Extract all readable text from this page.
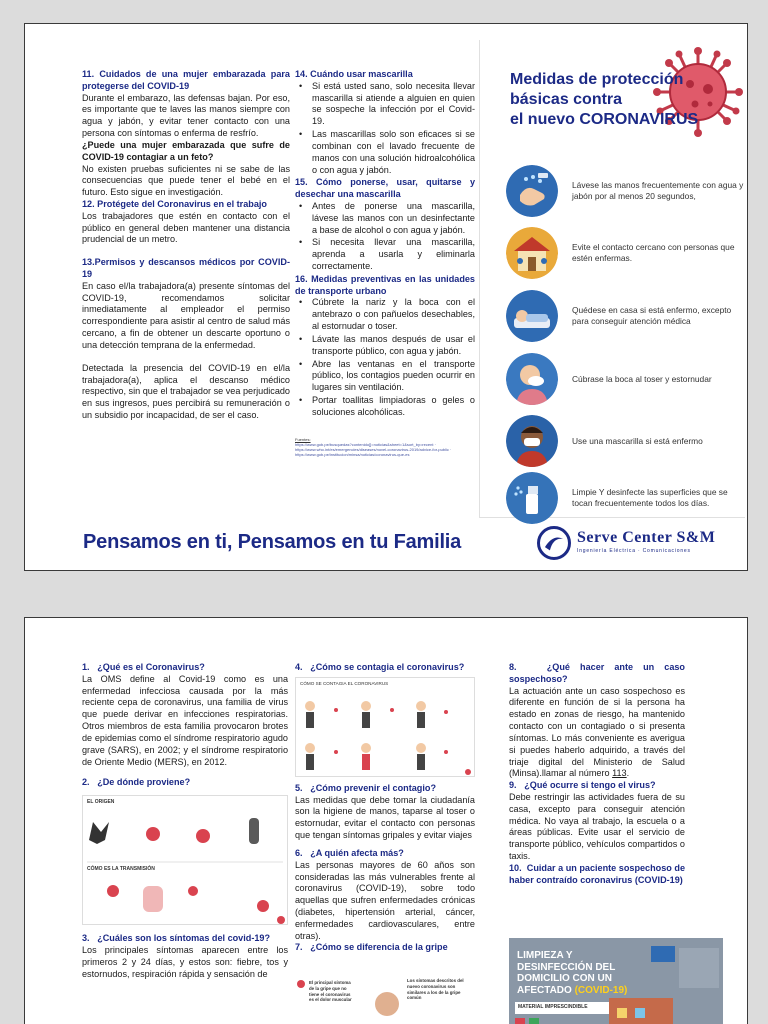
11. Cuidados de una mujer embarazada para protegerse del COVID-19

Durante el embarazo, las defensas bajan. Por eso, es importante que te laves las manos siempre con agua y jabón, y evitar tener contacto con una persona con síntomas o enferma de resfrío.

¿Puede una mujer embarazada que sufre de COVID-19 contagiar a un feto?

No existen pruebas suficientes ni se sabe de las consecuencias que puede tener el bebé en el futuro. Esto sigue en investigación.

12. Protégete del Coronavirus en el trabajo

Los trabajadores que estén en contacto con el público en general deben mantener una distancia prudencial de un metro.

13.Permisos y descansos médicos por COVID-19

En caso el/la trabajadora(a) presente síntomas del COVID-19, recomendamos solicitar inmediatamente al empleador el permiso correspondiente para asistir al centro de salud más cercano, a fin de obtener un descarte oportuno o una detección temprana de la enfermedad.

Detectada la presencia del COVID-19 en el/la trabajadora(a), aplica el descanso médico respectivo, sin que el trabajador se vea perjudicado en sus ingresos, pues percibirá su remuneración o un subsidio por incapacidad, de ser el caso.

14. Cuándo usar mascarilla

• Si está usted sano, solo necesita llevar mascarilla si atiende a alguien en quien se sospeche la infección por el Covid-19.
• Las mascarillas solo son eficaces si se combinan con el lavado frecuente de manos con una solución hidroalcohólica o con agua y jabón.

15. Cómo ponerse, usar, quitarse y desechar una mascarilla

• Antes de ponerse una mascarilla, lávese las manos con un desinfectante a base de alcohol o con agua y jabón.
• Si necesita llevar una mascarilla, aprenda a usarla y eliminarla correctamente.

16. Medidas preventivas en las unidades de transporte urbano

• Cúbrete la nariz y la boca con el antebrazo o con pañuelos desechables, al estornudar o toser.
• Lávate las manos después de usar el transporte público, con agua y jabón.
• Abre las ventanas en el transporte público, los contagios pueden ocurrir en lugares sin ventilación.
• Portar toallitas limpiadoras o geles o soluciones alcohólicas.
Fuentes:
https://www.gob.pe/busquedas?contenido[]=noticias&sheet=1&sort_by=recent · https://www.who.int/es/emergencies/diseases/novel-coronavirus-2019/advice-for-public · https://www.gob.pe/institucion/minsa/noticias/coronavirus-que-es
Medidas de protección
básicas contra
el nuevo CORONAVIRUS
Lávese las manos frecuentemente con agua y jabón por al menos 20 segundos,
Evite el contacto cercano con personas que estén enfermas.
Quédese en casa si está enfermo, excepto para conseguir atención médica
Cúbrase la boca al toser y estornudar
Use una mascarilla si está enfermo
Limpie Y desinfecte las superficies que se tocan frecuentemente todos los días.
Pensamos en ti, Pensamos en tu Familia	Serve Center S&M
Ingeniería Eléctrica · Comunicaciones

1. ¿Qué es el Coronavirus?

La OMS define al Covid-19 como es una enfermedad infecciosa causada por la más reciente cepa de coronavirus, una familia de virus que puede derivar en infecciones respiratorias. Otros miembros de esta familia provocaron brotes de epidemias como el síndrome respiratorio agudo grave (SARS), en 2002; y el síndrome respiratorio de Oriente Medio (MERS), en 2012.

2. ¿De dónde proviene?

EL ORIGEN
CÓMO ES LA TRANSMISIÓN

3. ¿Cuáles son los síntomas del covid-19?

Los principales síntomas aparecen entre los primeros 2 y 24 días, y estos son: fiebre, tos y estornudos, respiración rápida y sensación de

4. ¿Cómo se contagia el coronavirus?

CÓMO SE CONTAGIA EL CORONAVIRUS

5. ¿Cómo prevenir el contagio?

Las medidas que debe tomar la ciudadanía son la higiene de manos, taparse al toser o estornudar, evitar el contacto con personas que tengan síntomas gripales y evitar viajes

6. ¿A quién afecta más?

Las personas mayores de 60 años son consideradas las más vulnerables frente al coronavirus (COVID-19), sobre todo aquellas que sufren enfermedades crónicas (diabetes, hipertensión arterial, cáncer, enfermedades cardiovasculares, entre otras).

7. ¿Cómo se diferencia de la gripe

El principal síntoma de la gripe que no tiene el coronavirus es el dolor muscular
Los síntomas descritos del nuevo coronavirus son similares a los de la gripe común

8.	¿Qué hacer ante un caso sospechoso?

La actuación ante un caso sospechoso es diferente en función de si la persona ha estado en zonas de riesgo, ha mantenido contacto con un contagiado o si presenta síntomas. Lo más conveniente es averigua si puedes haberlo adquirido, a través del triaje digital del Ministerio de Salud (Minsa).llamar al número 113.

9. ¿Qué ocurre si tengo el virus?

Debe restringir las actividades fuera de su casa, excepto para conseguir atención médica. No vaya al trabajo, la escuela o a áreas públicas. Evite usar el servicio de transporte público, vehículos compartidos o taxis.

10. Cuidar a un paciente sospechoso de haber contraído coronavirus (COVID-19)

LIMPIEZA Y DESINFECCIÓN DEL DOMICILIO CON UN AFECTADO (COVID-19)
MATERIAL IMPRESCINDIBLE
